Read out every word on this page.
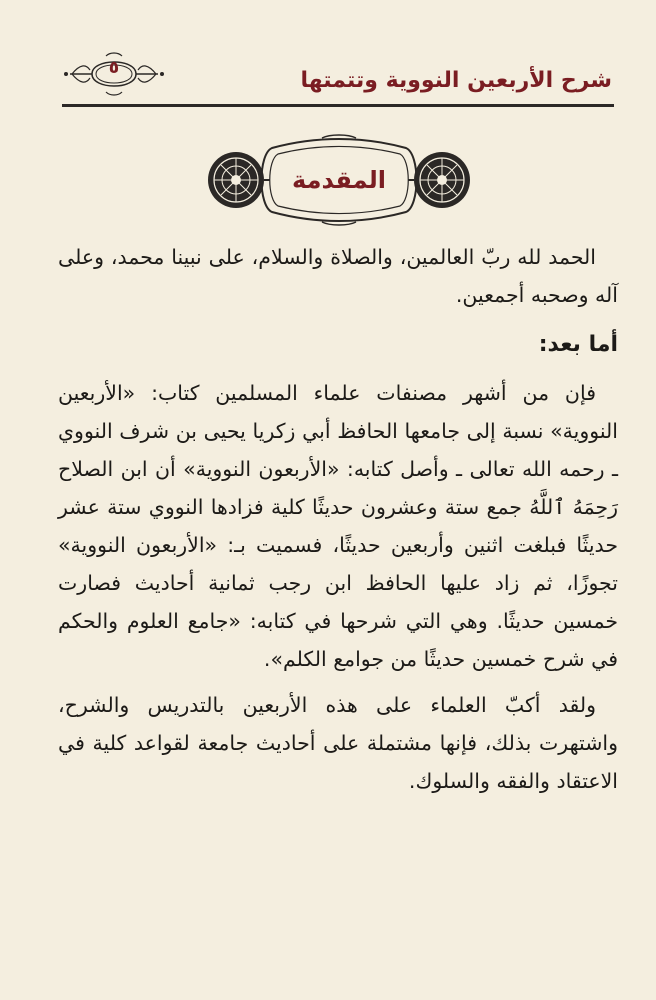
شرح الأربعين النووية وتتمتها
٥
المقدمة

الحمد لله ربّ العالمين، والصلاة والسلام، على نبينا محمد، وعلى آله وصحبه أجمعين.

أما بعد:

فإن من أشهر مصنفات علماء المسلمين كتاب: «الأربعين النووية» نسبة إلى جامعها الحافظ أبي زكريا يحيى بن شرف النووي ـ رحمه الله تعالى ـ وأصل كتابه: «الأربعون النووية» أن ابن الصلاح رَحِمَهُ ٱللَّهُ جمع ستة وعشرون حديثًا كلية فزادها النووي ستة عشر حديثًا فبلغت اثنين وأربعين حديثًا، فسميت بـ: «الأربعون النووية» تجوزًا، ثم زاد عليها الحافظ ابن رجب ثمانية أحاديث فصارت خمسين حديثًا. وهي التي شرحها في كتابه: «جامع العلوم والحكم في شرح خمسين حديثًا من جوامع الكلم».

ولقد أكبّ العلماء على هذه الأربعين بالتدريس والشرح، واشتهرت بذلك، فإنها مشتملة على أحاديث جامعة لقواعد كلية في الاعتقاد والفقه والسلوك.
